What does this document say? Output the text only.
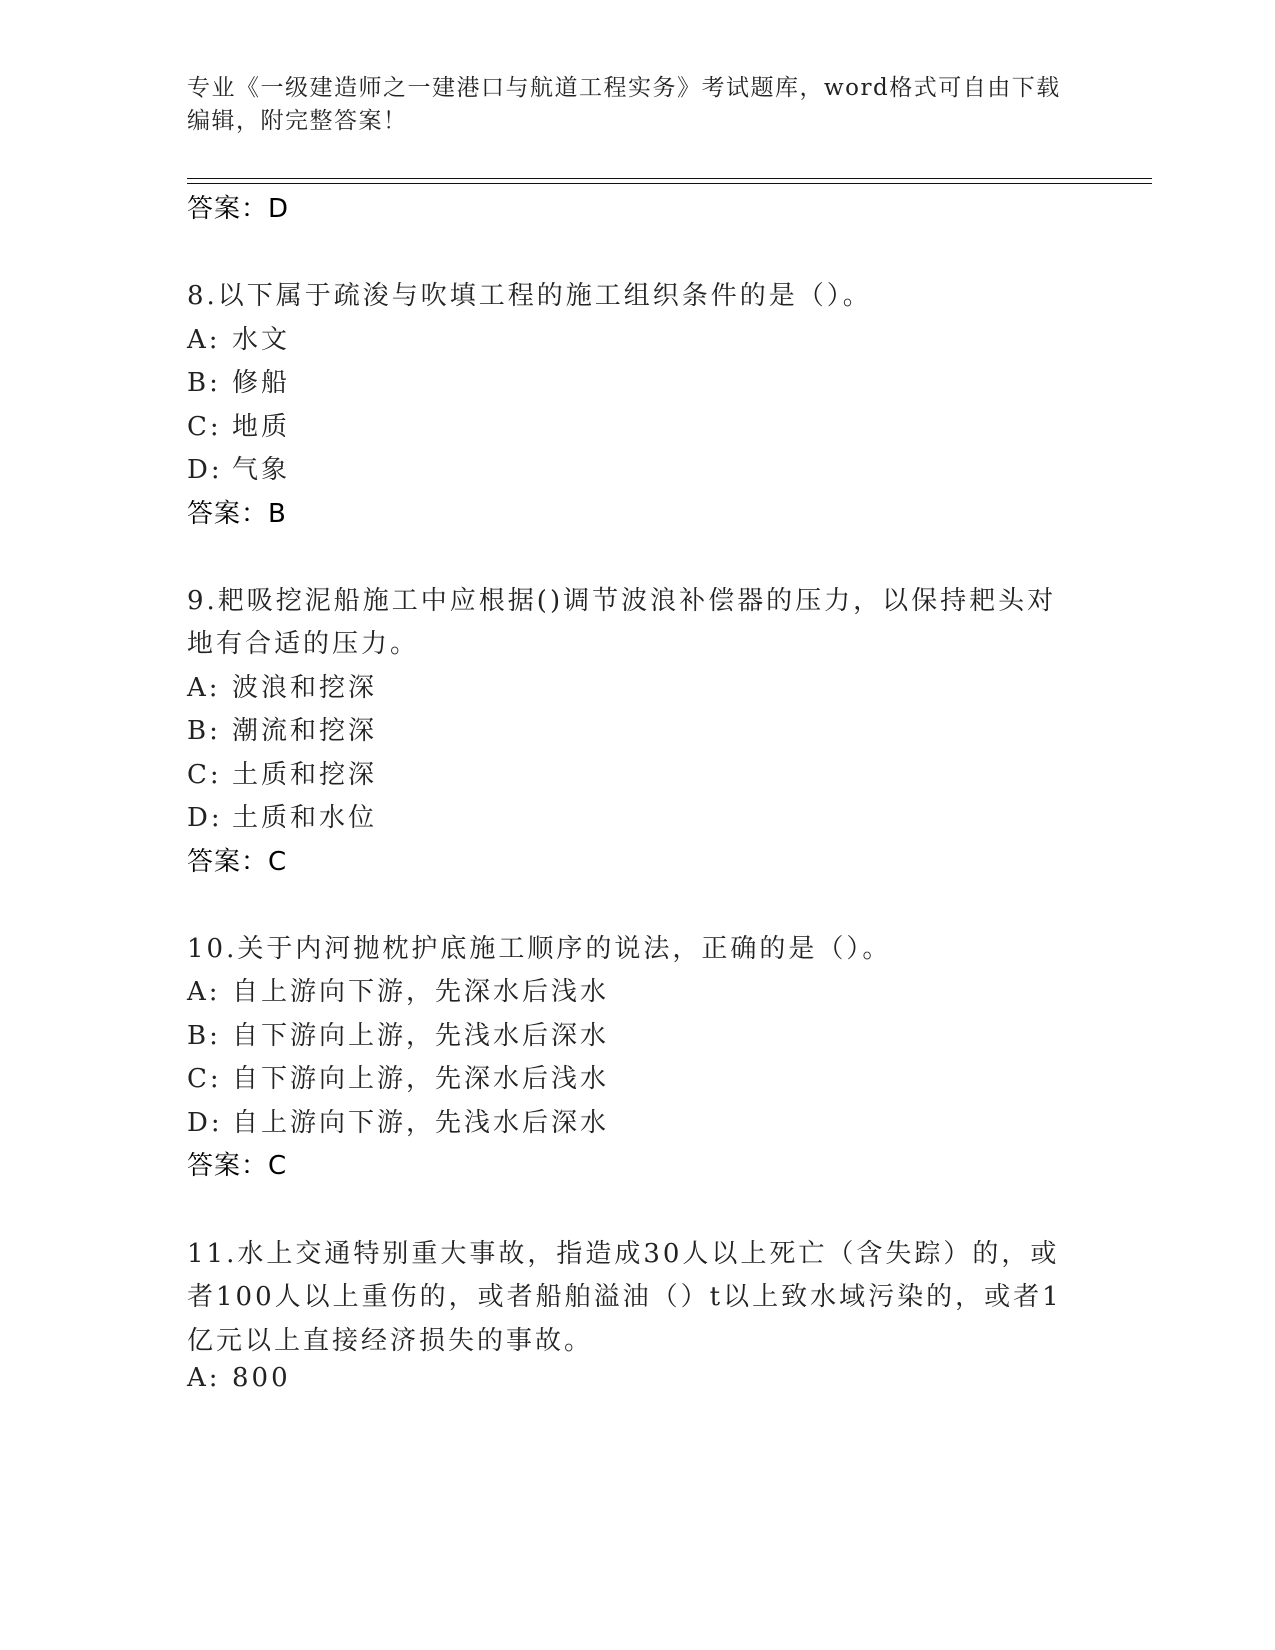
专业《一级建造师之一建港口与航道工程实务》考试题库，word格式可自由下载
编辑，附完整答案！
答案：D
8.以下属于疏浚与吹填工程的施工组织条件的是（）。
A: 水文
B: 修船
C: 地质
D: 气象
答案：B
9.耙吸挖泥船施工中应根据()调节波浪补偿器的压力，以保持耙头对
地有合适的压力。
A: 波浪和挖深
B: 潮流和挖深
C: 土质和挖深
D: 土质和水位
答案：C
10.关于内河抛枕护底施工顺序的说法，正确的是（）。
A: 自上游向下游，先深水后浅水
B: 自下游向上游，先浅水后深水
C: 自下游向上游，先深水后浅水
D: 自上游向下游，先浅水后深水
答案：C
11.水上交通特别重大事故，指造成30人以上死亡（含失踪）的，或
者100人以上重伤的，或者船舶溢油（）t以上致水域污染的，或者1
亿元以上直接经济损失的事故。
A: 800
